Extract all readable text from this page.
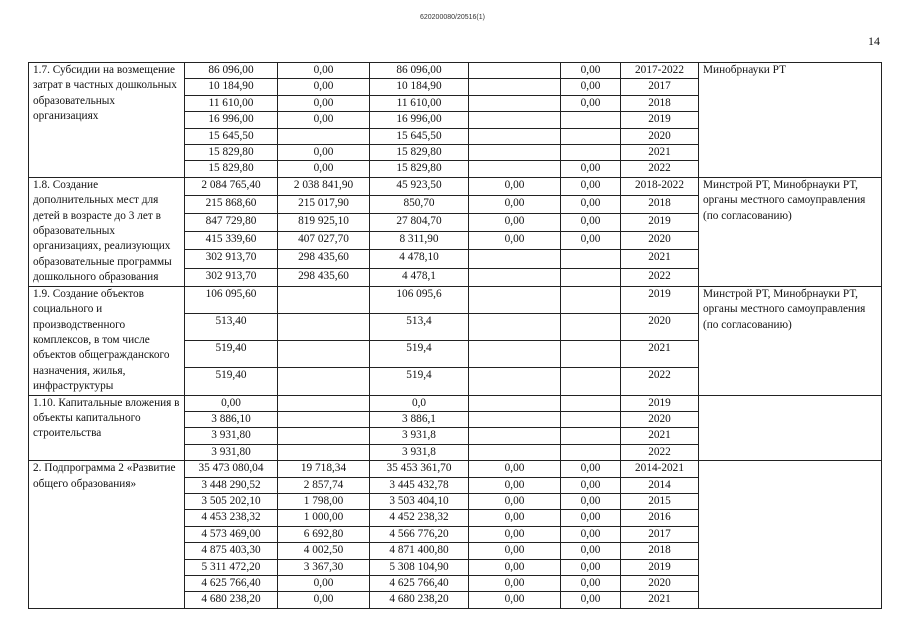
620200080/20516(1)
14
1.7. Субсидии на возмещение затрат в частных дошкольных образовательных организациях	86 096,00	0,00	86 096,00		0,00	2017-2022	Минобрнауки РТ
	10 184,90	0,00	10 184,90		0,00	2017	
	11 610,00	0,00	11 610,00		0,00	2018	
	16 996,00	0,00	16 996,00			2019	
	15 645,50		15 645,50			2020	
	15 829,80	0,00	15 829,80			2021	
	15 829,80	0,00	15 829,80		0,00	2022	
1.8. Создание дополнительных мест для детей в возрасте до 3 лет в образовательных организациях, реализующих образовательные программы дошкольного образования	2 084 765,40	2 038 841,90	45 923,50	0,00	0,00	2018-2022	Минстрой РТ, Минобрнауки РТ, органы местного самоуправления (по согласованию)
	215 868,60	215 017,90	850,70	0,00	0,00	2018	
	847 729,80	819 925,10	27 804,70	0,00	0,00	2019	
	415 339,60	407 027,70	8 311,90	0,00	0,00	2020	
	302 913,70	298 435,60	4 478,10			2021	
	302 913,70	298 435,60	4 478,1			2022	
1.9. Создание объектов социального и производственного комплексов, в том числе объектов общегражданского назначения, жилья, инфраструктуры	106 095,60		106 095,6			2019	Минстрой РТ, Минобрнауки РТ, органы местного самоуправления (по согласованию)
	513,40		513,4			2020	
	519,40		519,4			2021	
	519,40		519,4			2022	
1.10. Капитальные вложения в объекты капитального строительства	0,00		0,0			2019	
	3 886,10		3 886,1			2020	
	3 931,80		3 931,8			2021	
	3 931,80		3 931,8			2022	
2. Подпрограмма 2 «Развитие общего образования»	35 473 080,04	19 718,34	35 453 361,70	0,00	0,00	2014-2021	
	3 448 290,52	2 857,74	3 445 432,78	0,00	0,00	2014	
	3 505 202,10	1 798,00	3 503 404,10	0,00	0,00	2015	
	4 453 238,32	1 000,00	4 452 238,32	0,00	0,00	2016	
	4 573 469,00	6 692,80	4 566 776,20	0,00	0,00	2017	
	4 875 403,30	4 002,50	4 871 400,80	0,00	0,00	2018	
	5 311 472,20	3 367,30	5 308 104,90	0,00	0,00	2019	
	4 625 766,40	0,00	4 625 766,40	0,00	0,00	2020	
	4 680 238,20	0,00	4 680 238,20	0,00	0,00	2021	
